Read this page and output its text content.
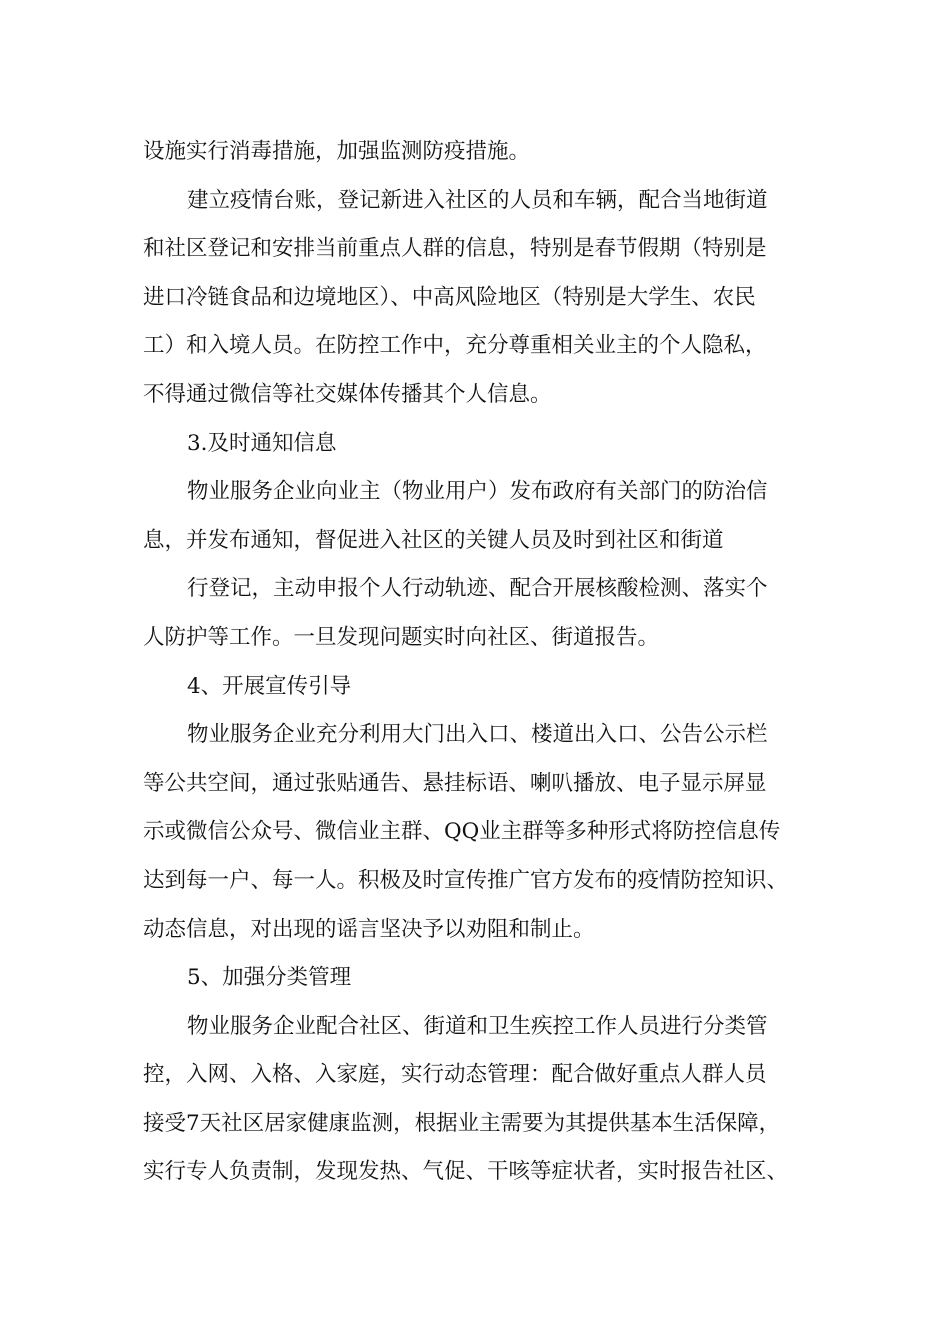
设施实行消毒措施，加强监测防疫措施。
建立疫情台账，登记新进入社区的人员和车辆，配合当地街道
和社区登记和安排当前重点人群的信息，特别是春节假期（特别是
进口冷链食品和边境地区）、中高风险地区（特别是大学生、农民
工）和入境人员。在防控工作中，充分尊重相关业主的个人隐私，
不得通过微信等社交媒体传播其个人信息。
3.及时通知信息
物业服务企业向业主（物业用户）发布政府有关部门的防治信
息，并发布通知，督促进入社区的关键人员及时到社区和街道
行登记，主动申报个人行动轨迹、配合开展核酸检测、落实个
人防护等工作。一旦发现问题实时向社区、街道报告。
4、开展宣传引导
物业服务企业充分利用大门出入口、楼道出入口、公告公示栏
等公共空间，通过张贴通告、悬挂标语、喇叭播放、电子显示屏显
示或微信公众号、微信业主群、QQ业主群等多种形式将防控信息传
达到每一户、每一人。积极及时宣传推广官方发布的疫情防控知识、
动态信息，对出现的谣言坚决予以劝阻和制止。
5、加强分类管理
物业服务企业配合社区、街道和卫生疾控工作人员进行分类管
控，入网、入格、入家庭，实行动态管理：配合做好重点人群人员
接受7天社区居家健康监测，根据业主需要为其提供基本生活保障，
实行专人负责制，发现发热、气促、干咳等症状者，实时报告社区、
